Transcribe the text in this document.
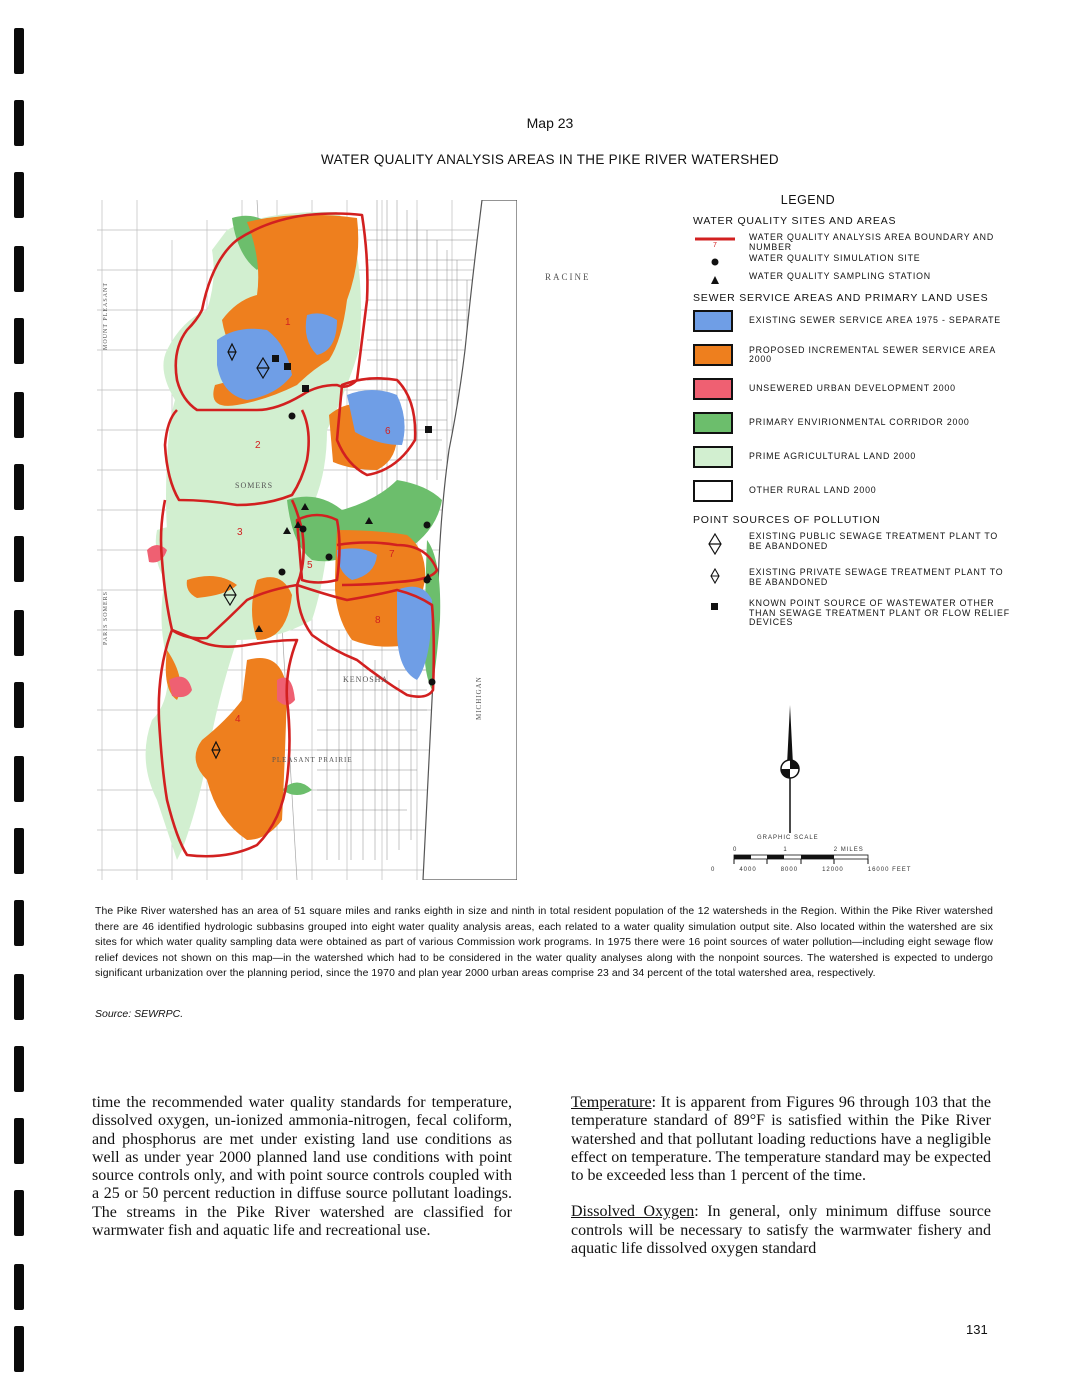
Map 23
WATER QUALITY ANALYSIS AREAS IN THE PIKE RIVER WATERSHED
1
2
3
4
5
6
7
8
KENOSHA
SOMERS
PLEASANT PRAIRIE
MOUNT PLEASANT
MICHIGAN
PARIS SOMERS
LEGEND
WATER QUALITY SITES AND AREAS
7
WATER QUALITY ANALYSIS AREA BOUNDARY AND NUMBER
WATER QUALITY SIMULATION SITE
WATER QUALITY SAMPLING STATION
SEWER SERVICE AREAS AND PRIMARY LAND USES
EXISTING SEWER SERVICE AREA 1975 - SEPARATE
PROPOSED INCREMENTAL SEWER SERVICE AREA 2000
UNSEWERED URBAN DEVELOPMENT 2000
PRIMARY ENVIRIONMENTAL CORRIDOR 2000
PRIME AGRICULTURAL LAND 2000
OTHER RURAL LAND 2000
POINT SOURCES OF POLLUTION
EXISTING PUBLIC SEWAGE TREATMENT PLANT TO BE ABANDONED
EXISTING PRIVATE SEWAGE TREATMENT PLANT TO BE ABANDONED
KNOWN POINT SOURCE OF WASTEWATER OTHER THAN SEWAGE TREATMENT PLANT OR FLOW RELIEF DEVICES
GRAPHIC SCALE
0	1	2 MILES
0	4000	8000	12000	16000 FEET
RACINE
The Pike River watershed has an area of 51 square miles and ranks eighth in size and ninth in total resident population of the 12 watersheds in the Region. Within the Pike River watershed there are 46 identified hydrologic subbasins grouped into eight water quality analysis areas, each related to a water quality simulation output site. Also located within the watershed are six sites for which water quality sampling data were obtained as part of various Commission work programs. In 1975 there were 16 point sources of water pollution—including eight sewage flow relief devices not shown on this map—in the watershed which had to be considered in the water quality analyses along with the nonpoint sources. The watershed is expected to undergo significant urbanization over the planning period, since the 1970 and plan year 2000 urban areas comprise 23 and 34 percent of the total watershed area, respectively.
Source: SEWRPC.

time the recommended water quality standards for temperature, dissolved oxygen, un-ionized ammonia-nitrogen, fecal coliform, and phosphorus are met under existing land use conditions as well as under year 2000 planned land use conditions with point source controls only, and with point source controls coupled with a 25 or 50 percent reduction in diffuse source pollutant loadings. The streams in the Pike River watershed are classified for warmwater fish and aquatic life and recreational use.

Temperature: It is apparent from Figures 96 through 103 that the temperature standard of 89°F is satisfied within the Pike River watershed and that pollutant loading reductions have a negligible effect on temperature. The temperature standard may be expected to be exceeded less than 1 percent of the time.

Dissolved Oxygen: In general, only minimum diffuse source controls will be necessary to satisfy the warmwater fishery and aquatic life dissolved oxygen standard

131
